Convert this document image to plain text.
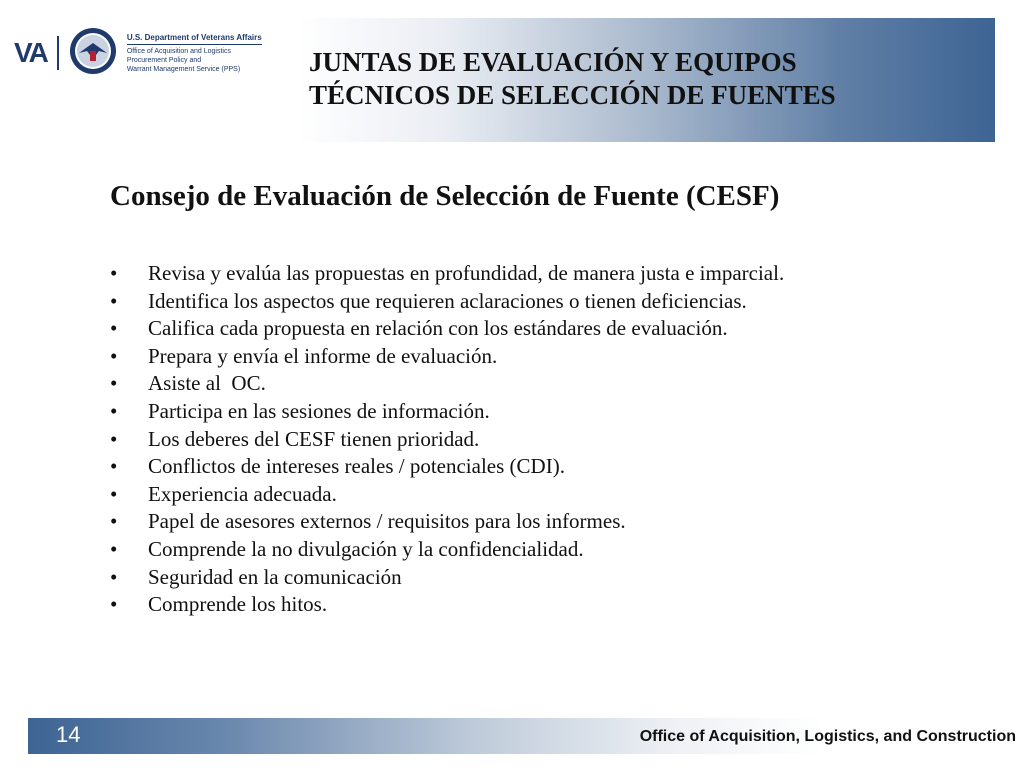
VA	U.S. Department of Veterans Affairs
Office of Acquisition and Logistics
Procurement Policy and
Warrant Management Service (PPS)	JUNTAS DE EVALUACIÓN Y EQUIPOS TÉCNICOS DE SELECCIÓN DE FUENTES
Consejo de Evaluación de Selección de Fuente (CESF)
• Revisa y evalúa las propuestas en profundidad, de manera justa e imparcial.
• Identifica los aspectos que requieren aclaraciones o tienen deficiencias.
• Califica cada propuesta en relación con los estándares de evaluación.
• Prepara y envía el informe de evaluación.
• Asiste al  OC.
• Participa en las sesiones de información.
• Los deberes del CESF tienen prioridad.
• Conflictos de intereses reales / potenciales (CDI).
• Experiencia adecuada.
• Papel de asesores externos / requisitos para los informes.
• Comprende la no divulgación y la confidencialidad.
• Seguridad en la comunicación
• Comprende los hitos.
14	Office of Acquisition, Logistics, and Construction
